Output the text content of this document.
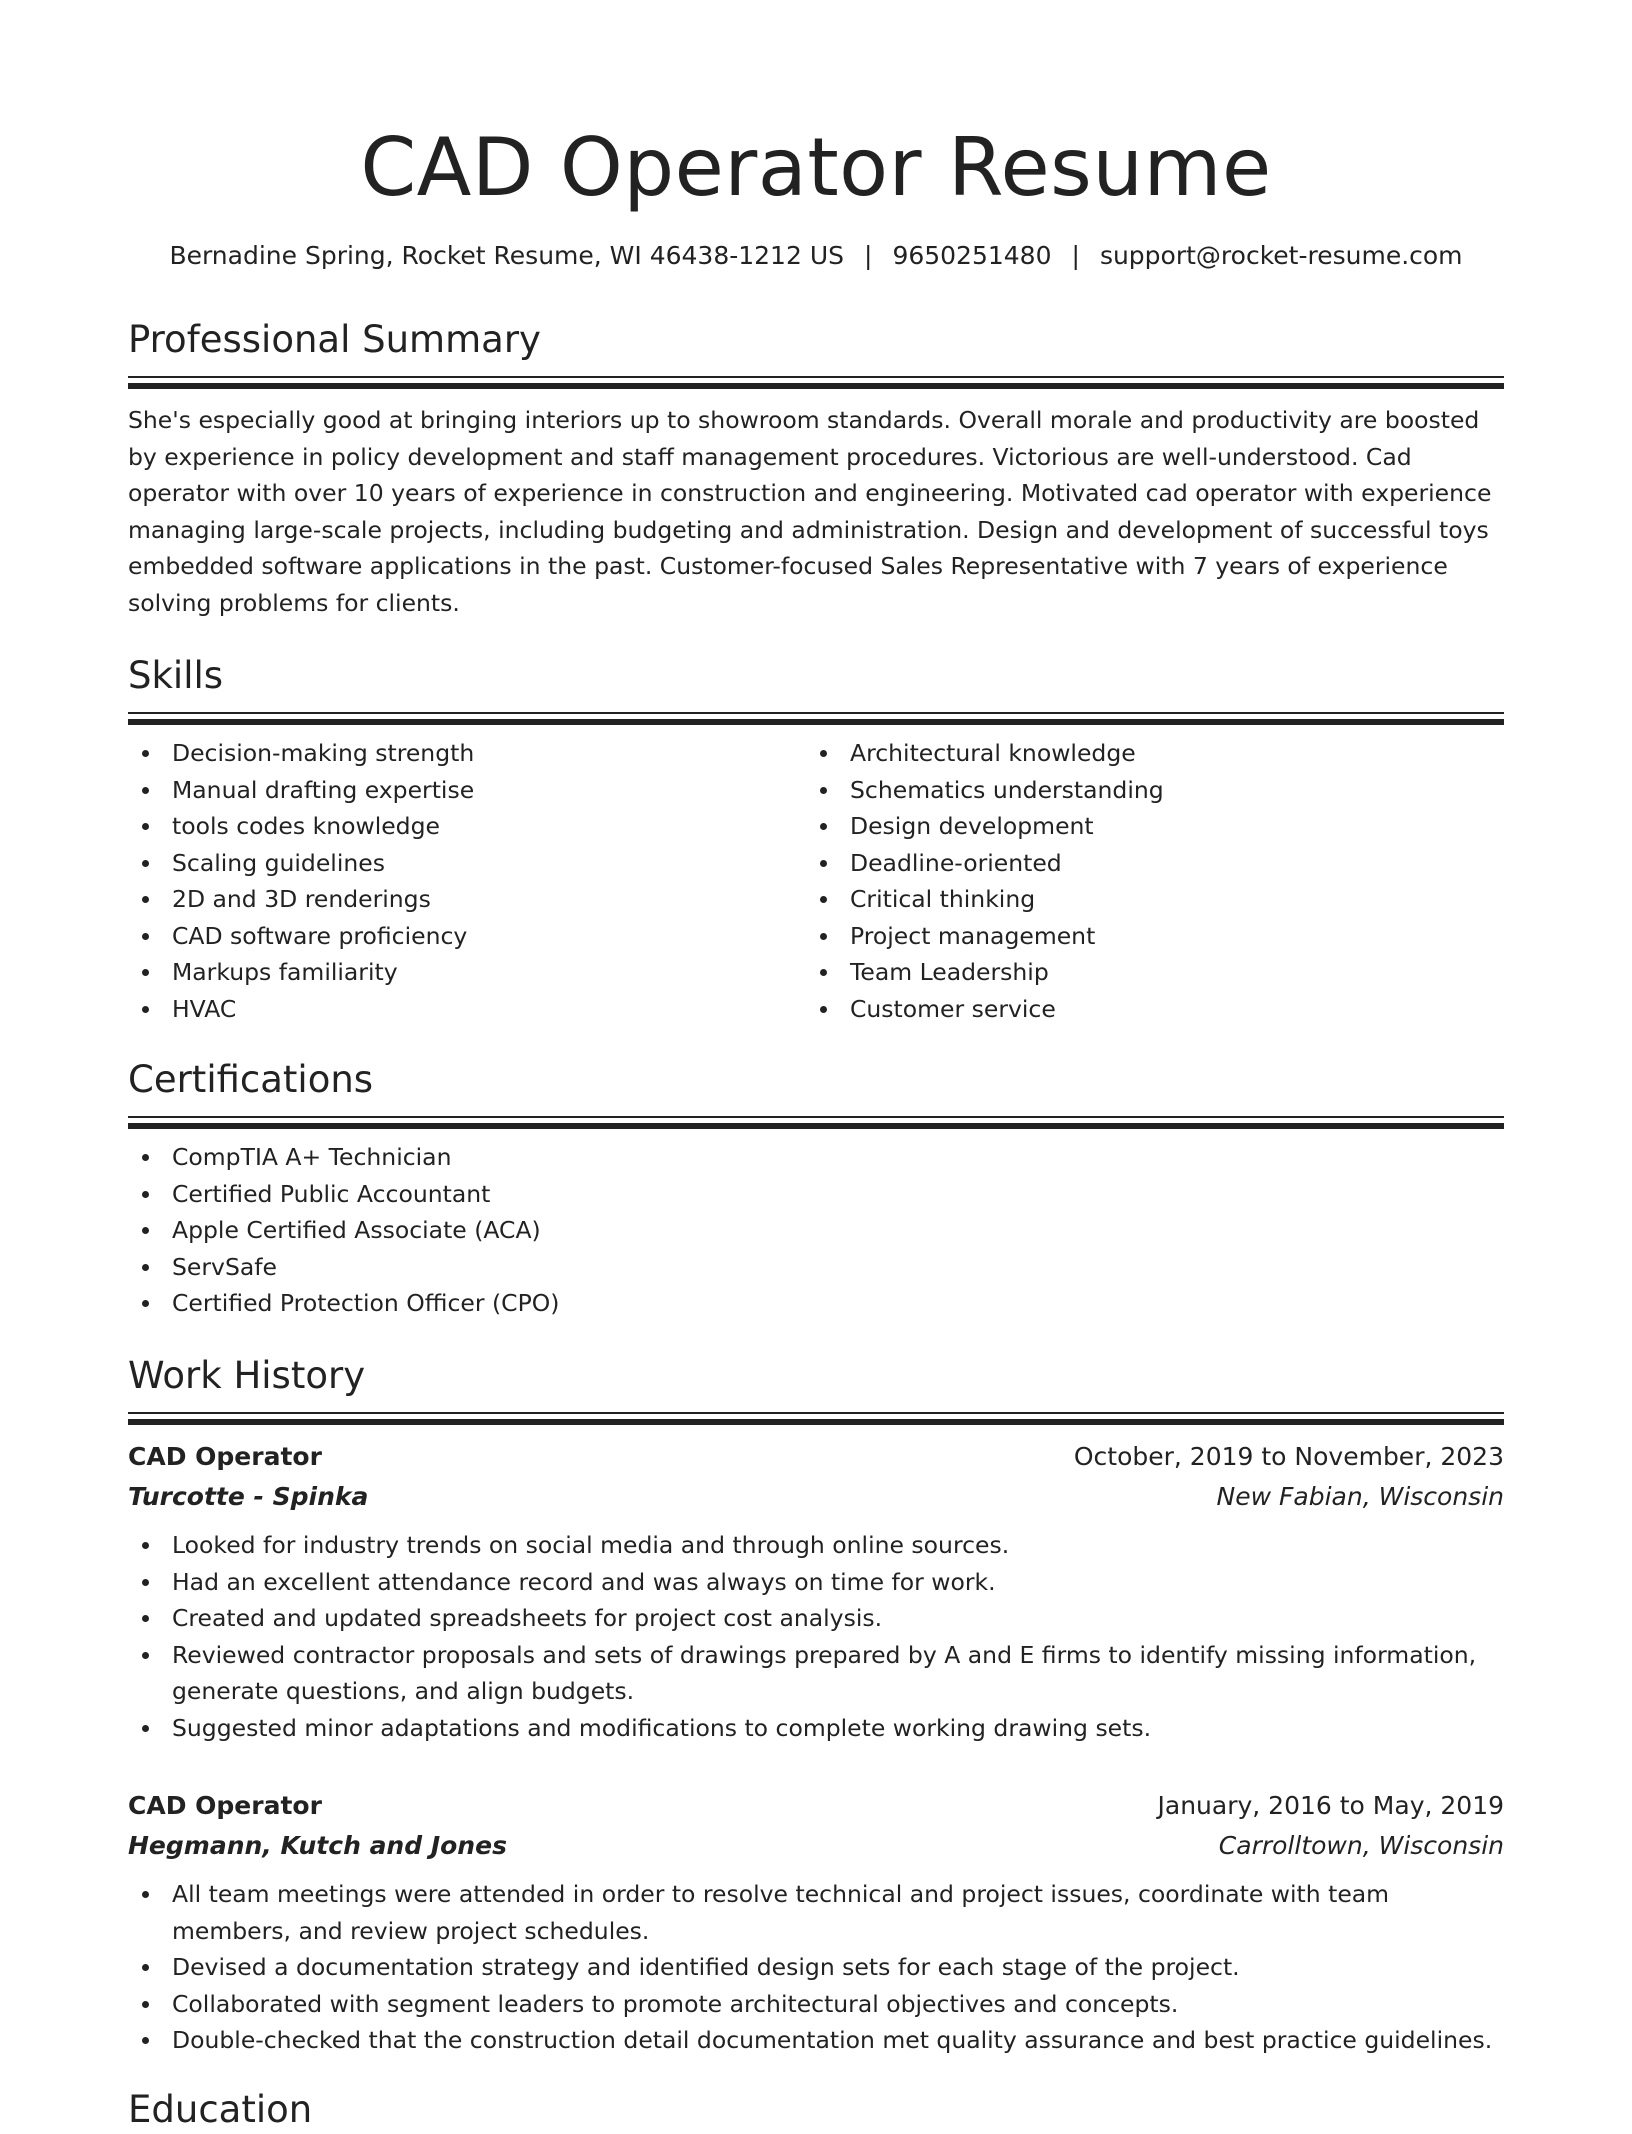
CAD Operator Resume
Bernadine Spring, Rocket Resume, WI 46438-1212 US | 9650251480 | support@rocket-resume.com
Professional Summary

She's especially good at bringing interiors up to showroom standards. Overall morale and productivity are boosted by experience in policy development and staff management procedures. Victorious are well-understood. Cad operator with over 10 years of experience in construction and engineering. Motivated cad operator with experience managing large-scale projects, including budgeting and administration. Design and development of successful toys embedded software applications in the past. Customer-focused Sales Representative with 7 years of experience solving problems for clients.

Skills
Decision-making strength
Manual drafting expertise
tools codes knowledge
Scaling guidelines
2D and 3D renderings
CAD software proficiency
Markups familiarity
HVAC
Architectural knowledge
Schematics understanding
Design development
Deadline-oriented
Critical thinking
Project management
Team Leadership
Customer service
Certifications
CompTIA A+ Technician
Certified Public Accountant
Apple Certified Associate (ACA)
ServSafe
Certified Protection Officer (CPO)
Work History
CAD Operator	October, 2019 to November, 2023
Turcotte - Spinka	New Fabian, Wisconsin
Looked for industry trends on social media and through online sources.
Had an excellent attendance record and was always on time for work.
Created and updated spreadsheets for project cost analysis.
Reviewed contractor proposals and sets of drawings prepared by A and E firms to identify missing information, generate questions, and align budgets.
Suggested minor adaptations and modifications to complete working drawing sets.
CAD Operator	January, 2016 to May, 2019
Hegmann, Kutch and Jones	Carrolltown, Wisconsin
All team meetings were attended in order to resolve technical and project issues, coordinate with team members, and review project schedules.
Devised a documentation strategy and identified design sets for each stage of the project.
Collaborated with segment leaders to promote architectural objectives and concepts.
Double-checked that the construction detail documentation met quality assurance and best practice guidelines.
Education
